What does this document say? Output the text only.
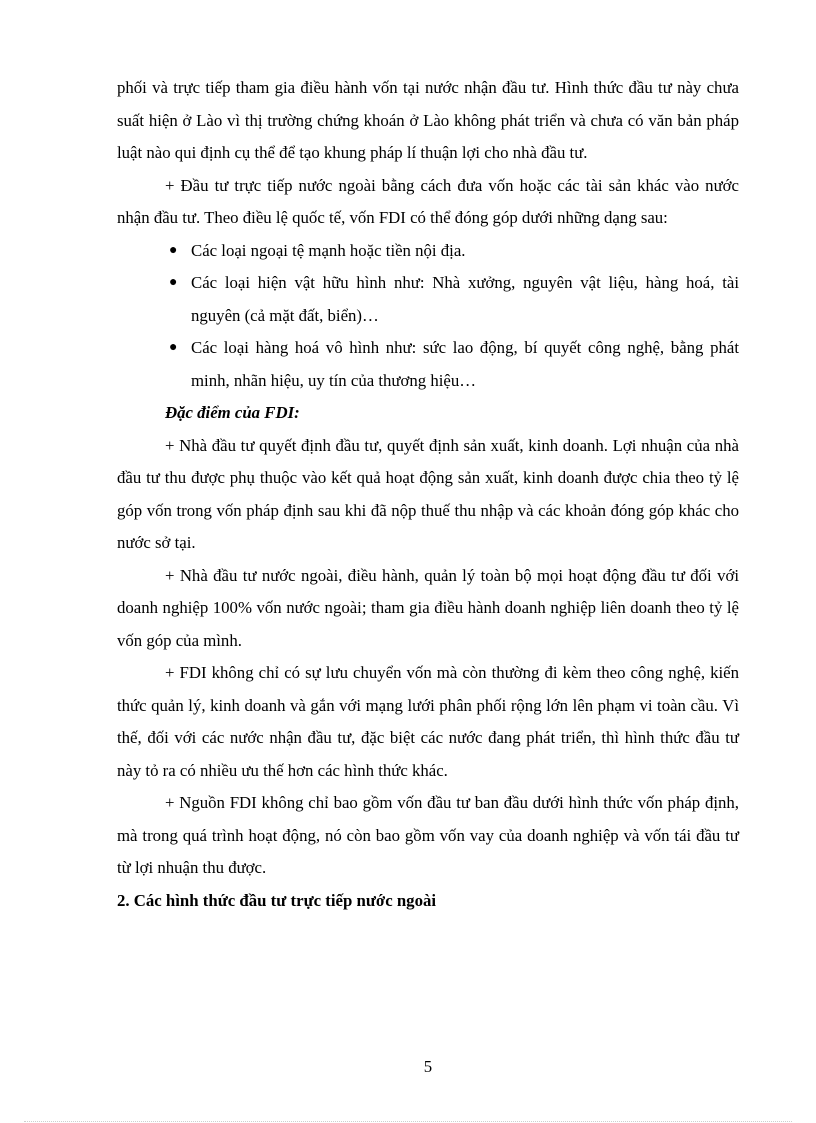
phối và trực tiếp tham gia điều hành vốn tại nước nhận đầu tư. Hình thức đầu tư này chưa suất hiện ở Lào vì thị trường chứng khoán ở Lào không phát triển và chưa có văn bản pháp luật nào qui định cụ thể để tạo khung pháp lí thuận lợi cho nhà đầu tư.

+ Đầu tư trực tiếp nước ngoài bằng cách đưa vốn hoặc các tài sản khác vào nước nhận đầu tư. Theo điều lệ quốc tế, vốn FDI có thể đóng góp dưới những dạng sau:

● Các loại ngoại tệ mạnh hoặc tiền nội địa.
● Các loại hiện vật hữu hình như: Nhà xưởng, nguyên vật liệu, hàng hoá, tài nguyên (cả mặt đất, biển)…
● Các loại hàng hoá vô hình như: sức lao động, bí quyết công nghệ, bằng phát minh, nhãn hiệu, uy tín của thương hiệu…
Đặc điểm của FDI:

+ Nhà đầu tư quyết định đầu tư, quyết định sản xuất, kinh doanh. Lợi nhuận của nhà đầu tư thu được phụ thuộc vào kết quả hoạt động sản xuất, kinh doanh được chia theo tỷ lệ góp vốn trong vốn pháp định sau khi đã nộp thuế thu nhập và các khoản đóng góp khác cho nước sở tại.

+ Nhà đầu tư nước ngoài, điều hành, quản lý toàn bộ mọi hoạt động đầu tư đối với doanh nghiệp 100% vốn nước ngoài; tham gia điều hành doanh nghiệp liên doanh theo tỷ lệ vốn góp của mình.

+ FDI không chỉ có sự lưu chuyển vốn mà còn thường đi kèm theo công nghệ, kiến thức quản lý, kinh doanh và gắn với mạng lưới phân phối rộng lớn lên phạm vi toàn cầu. Vì thế, đối với các nước nhận đầu tư, đặc biệt các nước đang phát triển, thì hình thức đầu tư này tỏ ra có nhiều ưu thế hơn các hình thức khác.

+ Nguồn FDI không chỉ bao gồm vốn đầu tư ban đầu dưới hình thức vốn pháp định, mà trong quá trình hoạt động, nó còn bao gồm vốn vay của doanh nghiệp và vốn tái đầu tư từ lợi nhuận thu được.

2. Các hình thức đầu tư trực tiếp nước ngoài
5
